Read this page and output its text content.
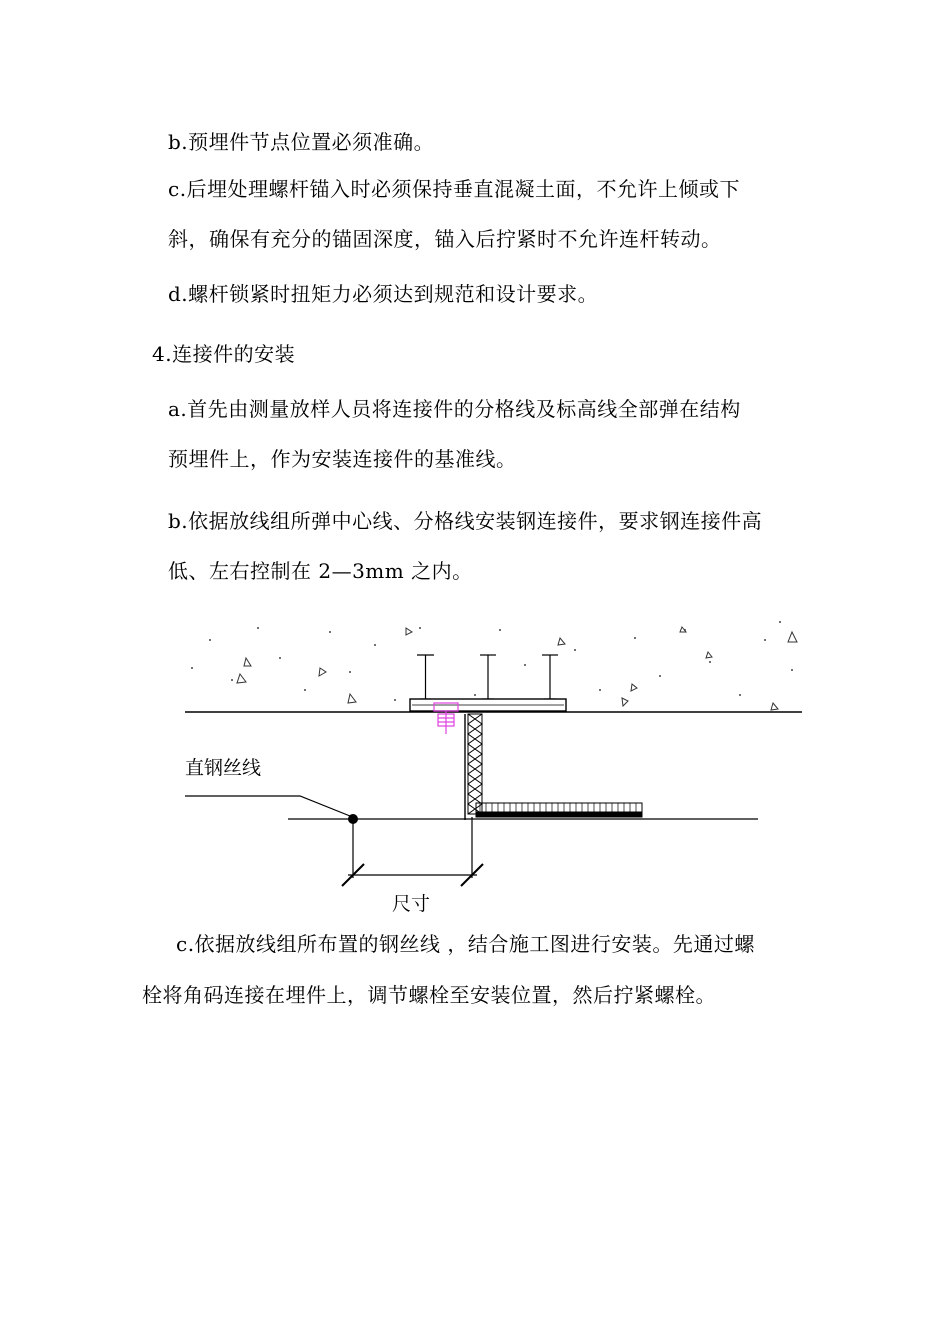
b.预埋件节点位置必须准确。
c.后埋处理螺杆锚入时必须保持垂直混凝土面，不允许上倾或下
斜，确保有充分的锚固深度，锚入后拧紧时不允许连杆转动。
d.螺杆锁紧时扭矩力必须达到规范和设计要求。
4.连接件的安装
a.首先由测量放样人员将连接件的分格线及标高线全部弹在结构
预埋件上，作为安装连接件的基准线。
b.依据放线组所弹中心线、分格线安装钢连接件，要求钢连接件高
低、左右控制在 2—3mm 之内。
直钢丝线
尺寸
c.依据放线组所布置的钢丝线 ，结合施工图进行安装。先通过螺
栓将角码连接在埋件上，调节螺栓至安装位置，然后拧紧螺栓。
